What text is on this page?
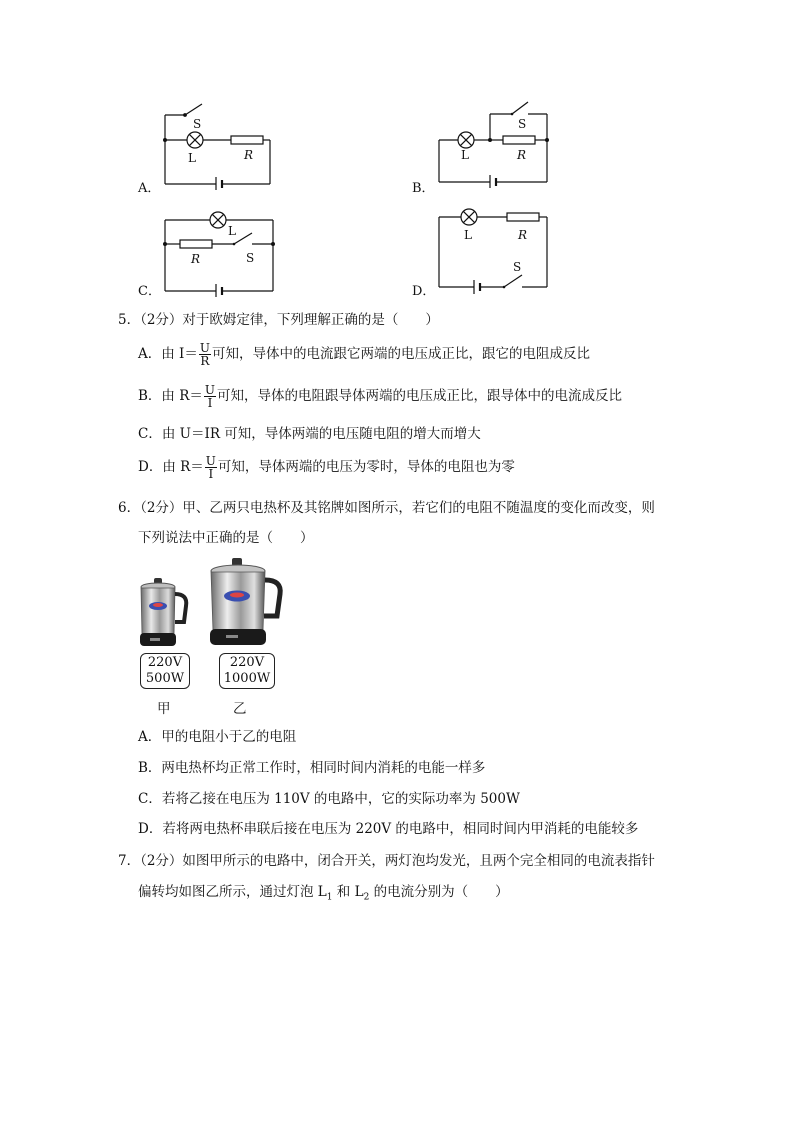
S
L	R
A．
S
L	R
B．
L
R	S
C．
L	R
S
D．
5．（2分）对于欧姆定律，下列理解正确的是（　　）
A．由 $I= \frac{U}{R}$ 可知，导体中的电流跟它两端的电压成正比，跟它的电阻成反比
B．由 $R= \frac{U}{I}$ 可知，导体的电阻跟导体两端的电压成正比，跟导体中的电流成反比
C．由 U＝IR 可知，导体两端的电压随电阻的增大而增大
D．由 $R= \frac{U}{I}$ 可知，导体两端的电压为零时，导体的电阻也为零
6．（2分）甲、乙两只电热杯及其铭牌如图所示，若它们的电阻不随温度的变化而改变，则
下列说法中正确的是（　　）
220V
500W
甲
220V
1000W
乙
A．甲的电阻小于乙的电阻
B．两电热杯均正常工作时，相同时间内消耗的电能一样多
C．若将乙接在电压为 110V 的电路中，它的实际功率为 500W
D．若将两电热杯串联后接在电压为 220V 的电路中，相同时间内甲消耗的电能较多
7．（2分）如图甲所示的电路中，闭合开关，两灯泡均发光，且两个完全相同的电流表指针
偏转均如图乙所示，通过灯泡 $L_1$ 和 $L_2$ 的电流分别为（　　）
